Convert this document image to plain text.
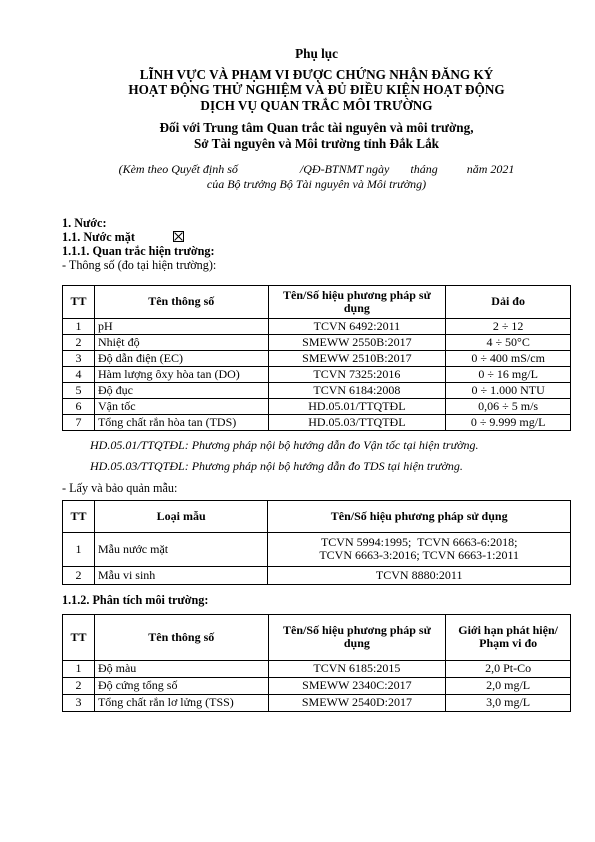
Phụ lục
LĨNH VỰC VÀ PHẠM VI ĐƯỢC CHỨNG NHẬN ĐĂNG KÝ
HOẠT ĐỘNG THỬ NGHIỆM VÀ ĐỦ ĐIỀU KIỆN HOẠT ĐỘNG
DỊCH VỤ QUAN TRẮC MÔI TRƯỜNG
Đối với Trung tâm Quan trắc tài nguyên và môi trường,
Sở Tài nguyên và Môi trường tỉnh Đắk Lắk
(Kèm theo Quyết định số	/QĐ-BTNMT ngày tháng năm 2021
của Bộ trưởng Bộ Tài nguyên và Môi trường)
1. Nước:
1.1. Nước mặt
1.1.1. Quan trắc hiện trường:
- Thông số (đo tại hiện trường):
TT	Tên thông số	Tên/Số hiệu phương pháp sử dụng	Dải đo
1	pH	TCVN 6492:2011	2 ÷ 12
2	Nhiệt độ	SMEWW 2550B:2017	4 ÷ 50°C
3	Độ dẫn điện (EC)	SMEWW 2510B:2017	0 ÷ 400 mS/cm
4	Hàm lượng ôxy hòa tan (DO)	TCVN 7325:2016	0 ÷ 16 mg/L
5	Độ đục	TCVN 6184:2008	0 ÷ 1.000 NTU
6	Vận tốc	HD.05.01/TTQTĐL	0,06 ÷ 5 m/s
7	Tổng chất rắn hòa tan (TDS)	HD.05.03/TTQTĐL	0 ÷ 9.999 mg/L
HD.05.01/TTQTĐL: Phương pháp nội bộ hướng dẫn đo Vận tốc tại hiện trường.
HD.05.03/TTQTĐL: Phương pháp nội bộ hướng dẫn đo TDS tại hiện trường.
- Lấy và bảo quản mẫu:
TT	Loại mẫu	Tên/Số hiệu phương pháp sử dụng
1	Mẫu nước mặt	TCVN 5994:1995;  TCVN 6663-6:2018;
TCVN 6663-3:2016; TCVN 6663-1:2011

2	Mẫu vi sinh	TCVN 8880:2011
1.1.2. Phân tích môi trường:
TT	Tên thông số	Tên/Số hiệu phương pháp sử dụng	Giới hạn phát hiện/ Phạm vi đo
1	Độ màu	TCVN 6185:2015	2,0 Pt-Co
2	Độ cứng tổng số	SMEWW 2340C:2017	2,0 mg/L
3	Tổng chất rắn lơ lửng (TSS)	SMEWW 2540D:2017	3,0 mg/L
